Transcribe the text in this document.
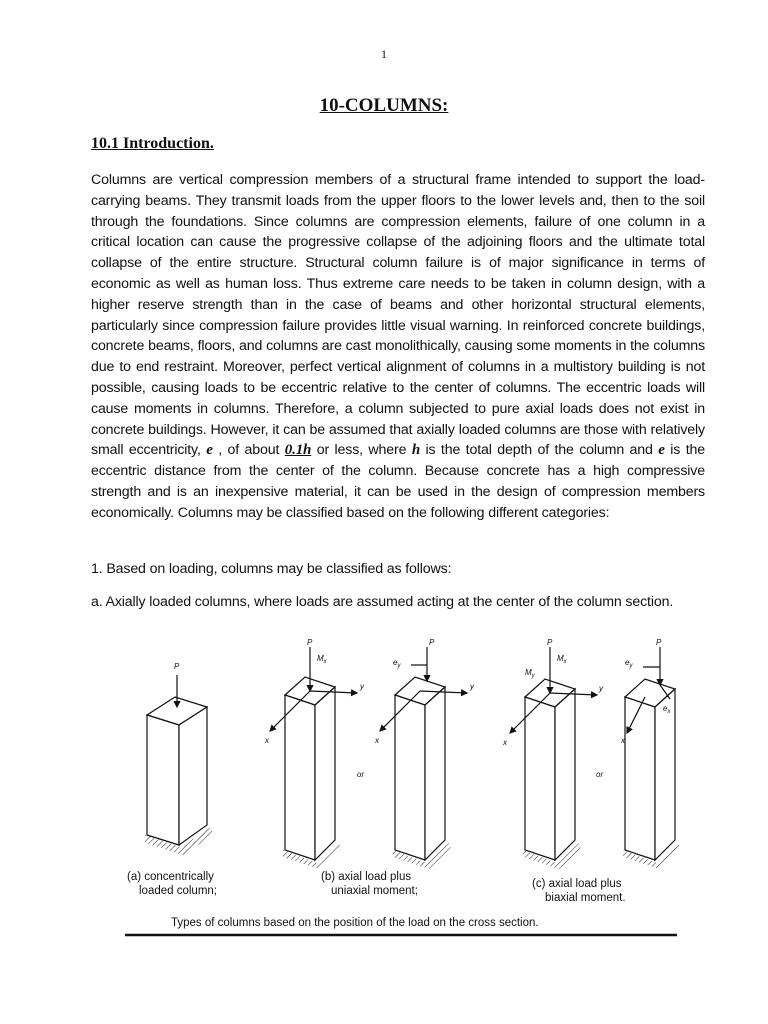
1
10-COLUMNS:
10.1 Introduction.
Columns are vertical compression members of a structural frame intended to support the load-carrying beams. They transmit loads from the upper floors to the lower levels and, then to the soil through the foundations. Since columns are compression elements, failure of one column in a critical location can cause the progressive collapse of the adjoining floors and the ultimate total collapse of the entire structure. Structural column failure is of major significance in terms of economic as well as human loss. Thus extreme care needs to be taken in column design, with a higher reserve strength than in the case of beams and other horizontal structural elements, particularly since compression failure provides little visual warning. In reinforced concrete buildings, concrete beams, floors, and columns are cast monolithically, causing some moments in the columns due to end restraint. Moreover, perfect vertical alignment of columns in a multistory building is not possible, causing loads to be eccentric relative to the center of columns. The eccentric loads will cause moments in columns. Therefore, a column subjected to pure axial loads does not exist in concrete buildings. However, it can be assumed that axially loaded columns are those with relatively small eccentricity, e , of about 0.1h or less, where h is the total depth of the column and e is the eccentric distance from the center of the column. Because concrete has a high compressive strength and is an inexpensive material, it can be used in the design of compression members economically. Columns may be classified based on the following different categories:
1. Based on loading, columns may be classified as follows:
a. Axially loaded columns, where loads are assumed acting at the center of the column section.
P
P
$M_x$
y
x
P
$e_y$
y
x
or
P
$M_y$
$M_x$
y
x
P
$e_y$
$e_x$
x
or
(a) concentrically
loaded column;
(b) axial load plus
uniaxial moment;
(c) axial load plus
biaxial moment.
Types of columns based on the position of the load on the cross section.
